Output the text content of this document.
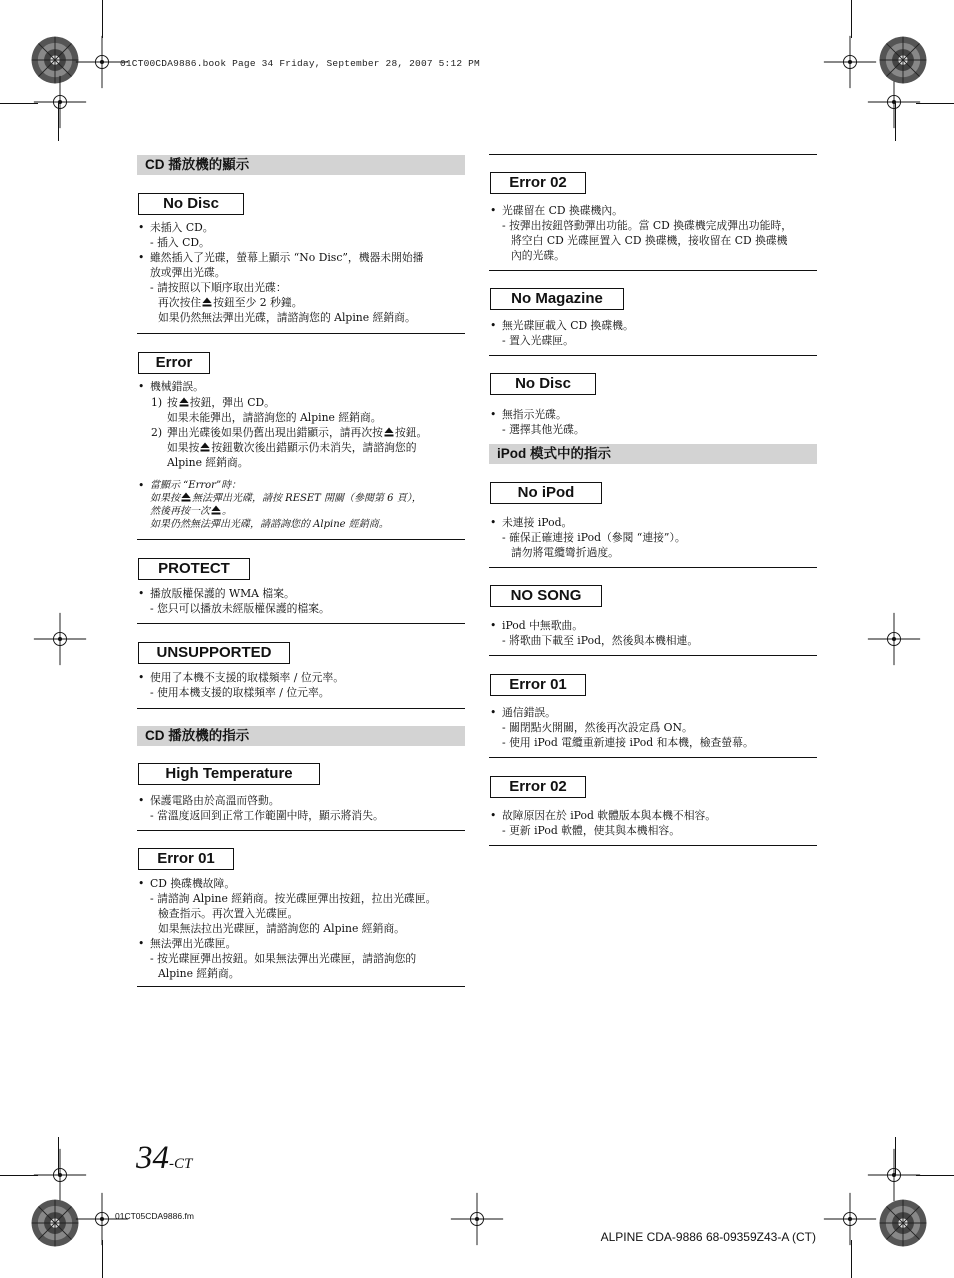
01CT00CDA9886.book Page 34 Friday, September 28, 2007 5:12 PM
CD 播放機的顯示
No Disc
• 未插入 CD。
- 插入 CD。
• 雖然插入了光碟，螢幕上顯示 “No Disc”，機器未開始播
放或彈出光碟。
- 請按照以下順序取出光碟：
再次按住 按鈕至少 2 秒鐘。
如果仍然無法彈出光碟，請諮詢您的 Alpine 經銷商。
Error
• 機械錯誤。
1) 按 按鈕，彈出 CD。
如果未能彈出，請諮詢您的 Alpine 經銷商。
2) 彈出光碟後如果仍舊出現出錯顯示，請再次按 按鈕。
如果按 按鈕數次後出錯顯示仍未消失，請諮詢您的
Alpine 經銷商。
• 當顯示 “Error”時：
如果按 無法彈出光碟，請按 RESET 開關（參閱第 6 頁），
然後再按一次 。
如果仍然無法彈出光碟，請諮詢您的 Alpine 經銷商。
PROTECT
• 播放版權保護的 WMA 檔案。
- 您只可以播放未經版權保護的檔案。
UNSUPPORTED
• 使用了本機不支援的取樣頻率 / 位元率。
- 使用本機支援的取樣頻率 / 位元率。
CD 播放機的指示
High Temperature
• 保護電路由於高溫而啓動。
- 當溫度返回到正常工作範圍中時，顯示將消失。
Error 01
• CD 換碟機故障。
- 請諮詢 Alpine 經銷商。按光碟匣彈出按鈕，拉出光碟匣。
檢查指示。再次置入光碟匣。
如果無法拉出光碟匣，請諮詢您的 Alpine 經銷商。
• 無法彈出光碟匣。
- 按光碟匣彈出按鈕。如果無法彈出光碟匣，請諮詢您的
Alpine 經銷商。
Error 02
• 光碟留在 CD 換碟機內。
- 按彈出按鈕啓動彈出功能。當 CD 換碟機完成彈出功能時，
將空白 CD 光碟匣置入 CD 換碟機，接收留在 CD 換碟機
內的光碟。
No Magazine
• 無光碟匣載入 CD 換碟機。
- 置入光碟匣。
No Disc
• 無指示光碟。
- 選擇其他光碟。
iPod 模式中的指示
No iPod
• 未連接 iPod。
- 確保正確連接 iPod（參閱 “連接”）。
請勿將電纜彎折過度。
NO SONG
• iPod 中無歌曲。
- 將歌曲下載至 iPod，然後與本機相連。
Error 01
• 通信錯誤。
- 關閉點火開關，然後再次設定爲 ON。
- 使用 iPod 電纜重新連接 iPod 和本機，檢查螢幕。
Error 02
• 故障原因在於 iPod 軟體版本與本機不相容。
- 更新 iPod 軟體，使其與本機相容。
34-CT
01CT05CDA9886.fm
ALPINE CDA-9886 68-09359Z43-A (CT)
